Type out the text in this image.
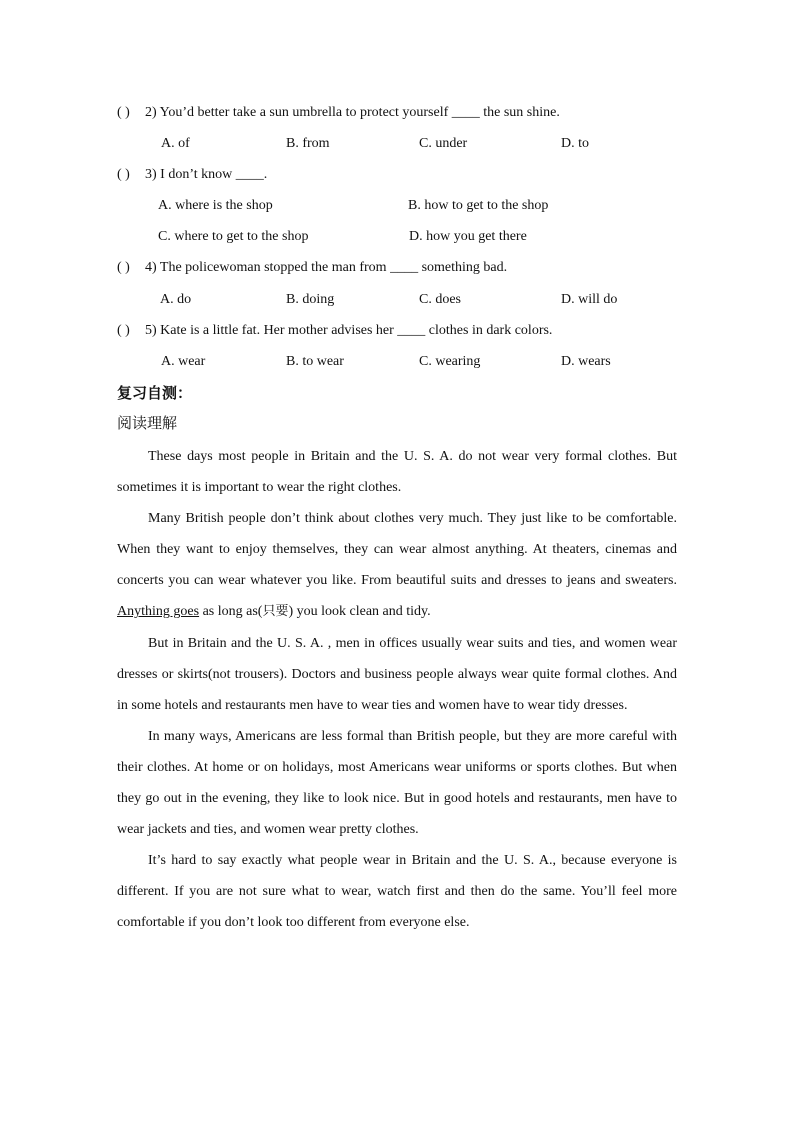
( ) 2) You’d better take a sun umbrella to protect yourself ____ the sun shine.
A. of	B. from	C. under	D. to
( ) 3) I don’t know ____.
A. where is the shop	B. how to get to the shop
C. where to get to the shop	D. how you get there
( ) 4) The policewoman stopped the man from ____ something bad.
A. do	B. doing	C. does	D. will do
( ) 5) Kate is a little fat. Her mother advises her ____ clothes in dark colors.
A. wear	B. to wear	C. wearing	D. wears
复习自测：
阅读理解

These days most people in Britain and the U. S. A. do not wear very formal clothes. But sometimes it is important to wear the right clothes.

Many British people don’t think about clothes very much. They just like to be comfortable. When they want to enjoy themselves, they can wear almost anything. At theaters, cinemas and concerts you can wear whatever you like. From beautiful suits and dresses to jeans and sweaters. Anything goes as long as(只要) you look clean and tidy.

But in Britain and the U. S. A. , men in offices usually wear suits and ties, and women wear dresses or skirts(not trousers). Doctors and business people always wear quite formal clothes. And in some hotels and restaurants men have to wear ties and women have to wear tidy dresses.

In many ways, Americans are less formal than British people, but they are more careful with their clothes. At home or on holidays, most Americans wear uniforms or sports clothes. But when they go out in the evening, they like to look nice. But in good hotels and restaurants, men have to wear jackets and ties, and women wear pretty clothes.

It’s hard to say exactly what people wear in Britain and the U. S. A., because everyone is different. If you are not sure what to wear, watch first and then do the same. You’ll feel more comfortable if you don’t look too different from everyone else.
